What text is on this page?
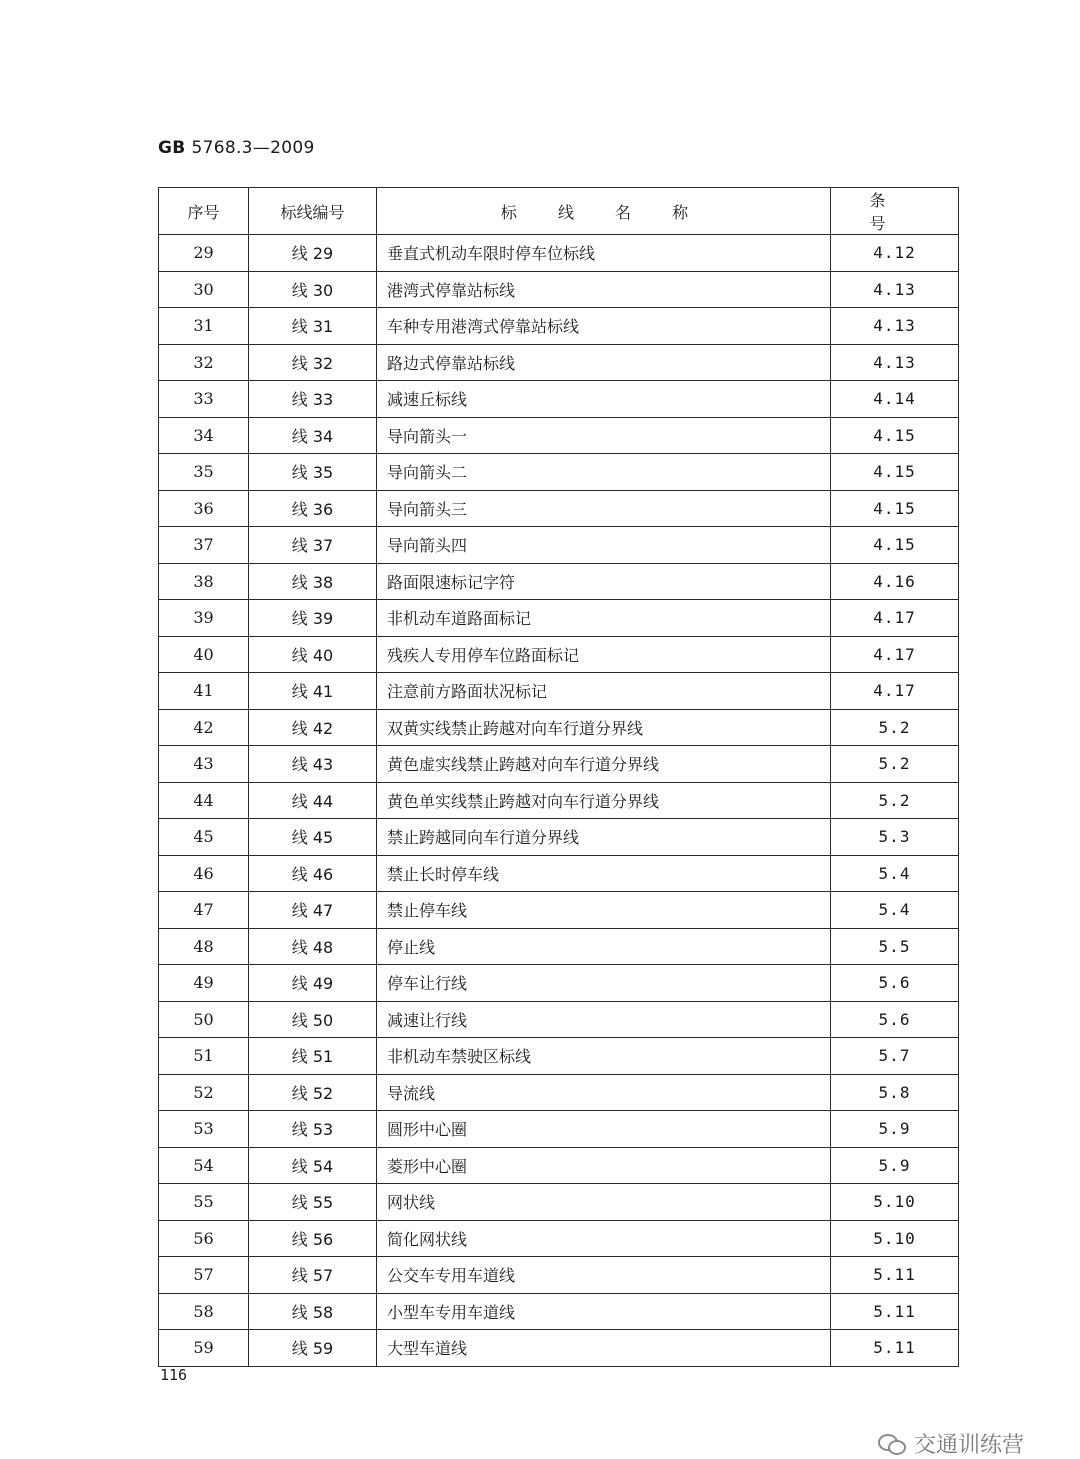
GB 5768.3—2009
序号	标线编号	标 线 名 称	条 号
29	线 29	垂直式机动车限时停车位标线	4.12
30	线 30	港湾式停靠站标线	4.13
31	线 31	车种专用港湾式停靠站标线	4.13
32	线 32	路边式停靠站标线	4.13
33	线 33	减速丘标线	4.14
34	线 34	导向箭头一	4.15
35	线 35	导向箭头二	4.15
36	线 36	导向箭头三	4.15
37	线 37	导向箭头四	4.15
38	线 38	路面限速标记字符	4.16
39	线 39	非机动车道路面标记	4.17
40	线 40	残疾人专用停车位路面标记	4.17
41	线 41	注意前方路面状况标记	4.17
42	线 42	双黄实线禁止跨越对向车行道分界线	5.2
43	线 43	黄色虚实线禁止跨越对向车行道分界线	5.2
44	线 44	黄色单实线禁止跨越对向车行道分界线	5.2
45	线 45	禁止跨越同向车行道分界线	5.3
46	线 46	禁止长时停车线	5.4
47	线 47	禁止停车线	5.4
48	线 48	停止线	5.5
49	线 49	停车让行线	5.6
50	线 50	减速让行线	5.6
51	线 51	非机动车禁驶区标线	5.7
52	线 52	导流线	5.8
53	线 53	圆形中心圈	5.9
54	线 54	菱形中心圈	5.9
55	线 55	网状线	5.10
56	线 56	简化网状线	5.10
57	线 57	公交车专用车道线	5.11
58	线 58	小型车专用车道线	5.11
59	线 59	大型车道线	5.11
116
交通训练营
